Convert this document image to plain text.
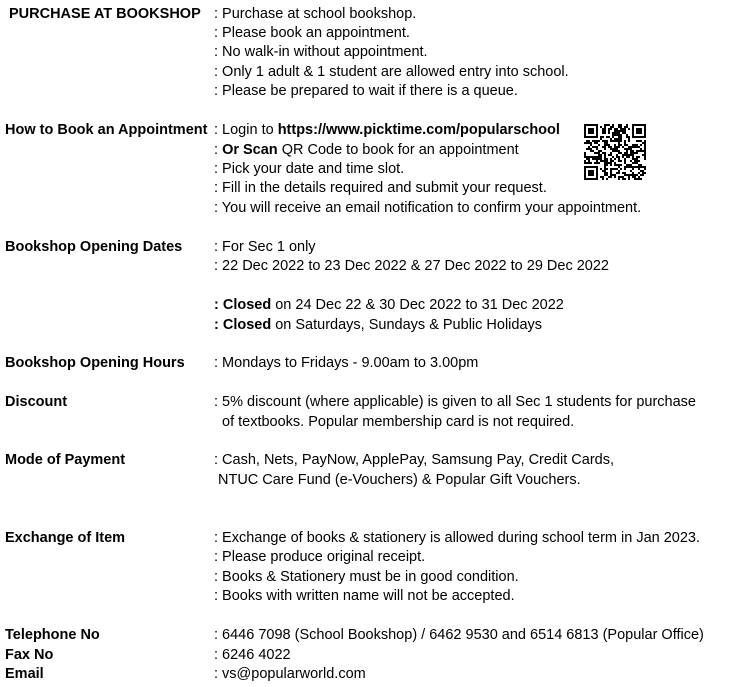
PURCHASE AT BOOKSHOP : Purchase at school bookshop.
: Please book an appointment.
: No walk-in without appointment.
: Only 1 adult & 1 student are allowed entry into school.
: Please be prepared to wait if there is a queue.
How to Book an Appointment : Login to https://www.picktime.com/popularschool
: Or Scan QR Code to book for an appointment
: Pick your date and time slot.
: Fill in the details required and submit your request.
: You will receive an email notification to confirm your appointment.
Bookshop Opening Dates : For Sec 1 only
: 22 Dec 2022 to 23 Dec 2022 & 27 Dec 2022 to 29 Dec 2022
: Closed on 24 Dec 22 & 30 Dec 2022 to 31 Dec 2022
: Closed on Saturdays, Sundays & Public Holidays
Bookshop Opening Hours : Mondays to Fridays - 9.00am to 3.00pm
Discount	: 5% discount (where applicable) is given to all Sec 1 students for purchase
of textbooks. Popular membership card is not required.
Mode of Payment	: Cash, Nets, PayNow, ApplePay, Samsung Pay, Credit Cards,
NTUC Care Fund (e-Vouchers) & Popular Gift Vouchers.
Exchange of Item	: Exchange of books & stationery is allowed during school term in Jan 2023.
: Please produce original receipt.
: Books & Stationery must be in good condition.
: Books with written name will not be accepted.
Telephone No	: 6446 7098 (School Bookshop) / 6462 9530 and 6514 6813 (Popular Office)
Fax No	: 6246 4022
Email	: vs@popularworld.com
